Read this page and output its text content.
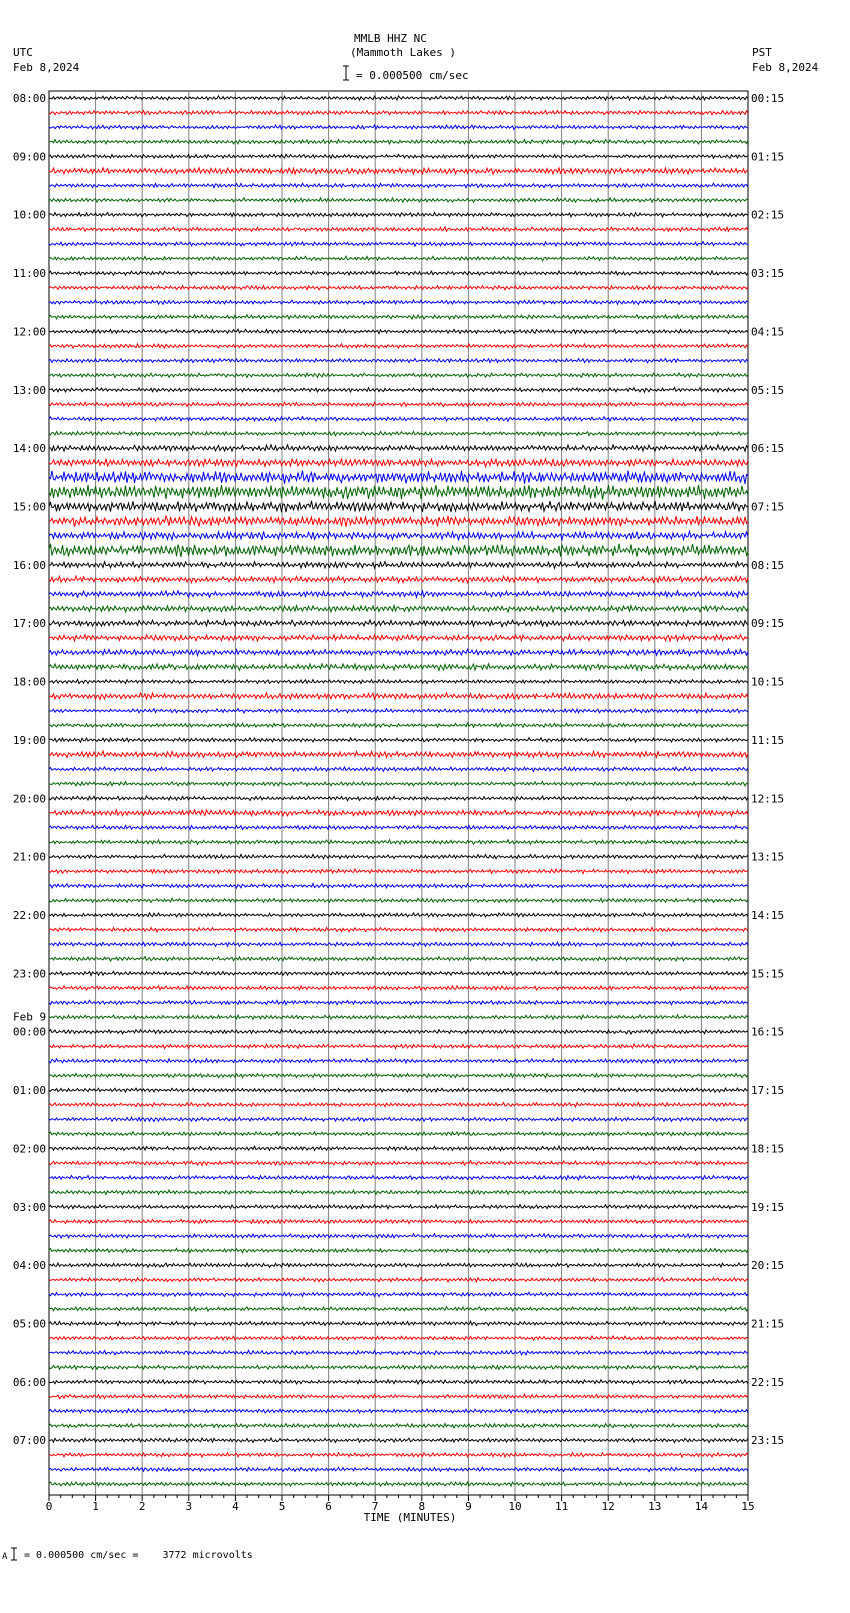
MMLB HHZ NC
(Mammoth Lakes )
= 0.000500 cm/sec
UTC
Feb 8,2024
PST
Feb 8,2024
08:00	00:15
09:00	01:15
10:00	02:15
11:00	03:15
12:00	04:15
13:00	05:15
14:00	06:15
15:00	07:15
16:00	08:15
17:00	09:15
18:00	10:15
19:00	11:15
20:00	12:15
21:00	13:15
22:00	14:15
23:00	15:15
00:00	16:15
01:00	17:15
02:00	18:15
03:00	19:15
04:00	20:15
05:00	21:15
06:00	22:15
07:00	23:15
Feb 9
0	1	2	3	4	5	6	7	8	9	10	11	12	13	14	15
TIME (MINUTES)
A = 0.000500 cm/sec =    3772 microvolts
